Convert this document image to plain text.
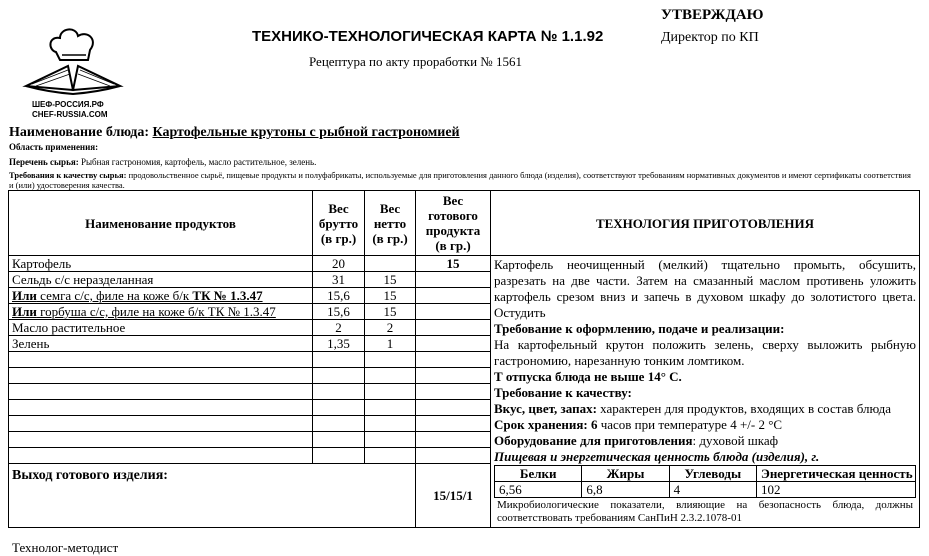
ШЕФ-РОССИЯ.РФ
CHEF-RUSSIA.COM
ТЕХНИКО-ТЕХНОЛОГИЧЕСКАЯ КАРТА № 1.1.92
УТВЕРЖДАЮ
Директор по КП
Рецептура по акту проработки № 1561
Наименование блюда: Картофельные крутоны с рыбной гастрономией
Область применения:
Перечень сырья: Рыбная гастрономия, картофель, масло растительное, зелень.
Требования к качеству сырья: продовольственное сырьё, пищевые продукты и полуфабрикаты, используемые для приготовления данного блюда (изделия), соответствуют требованиям нормативных документов и имеют сертификаты соответствия и (или) удостоверения качества.
Наименование продуктов	Вес брутто (в гр.)	Вес нетто (в гр.)	Вес готового продукта (в гр.)	ТЕХНОЛОГИЯ ПРИГОТОВЛЕНИЯ
Картофель	20		15	Картофель неочищенный (мелкий) тщательно промыть, обсушить, разрезать на две части. Затем на смазанный маслом противень уложить картофель срезом вниз и запечь в духовом шкафу до золотистого цвета. Остудить

Требование к оформлению, подаче и реализации:

На картофельный крутон положить зелень, сверху выложить рыбную гастрономию, нарезанную тонким ломтиком.

Т отпуска блюда не выше 14° С.

Требование к качеству:

Вкус, цвет, запах: характерен для продуктов, входящих в состав блюда

Срок хранения: 6 часов при температуре 4 +/- 2 °С

Оборудование для приготовления: духовой шкаф

Пищевая и энергетическая ценность блюда (изделия), г.

Белки	Жиры	Углеводы	Энергетическая ценность
6,56	6,8	4	102

Микробиологические показатели, влияющие на безопасность блюда, должны соответствовать требованиям СанПиН 2.3.2.1078-01

Сельдь с/с неразделанная	31	15	
Или семга с/с, филе на коже б/к ТК № 1.3.47	15,6	15	
Или горбуша с/с, филе на коже б/к ТК № 1.3.47	15,6	15	
Масло растительное	2	2	
Зелень	1,35	1	

Выход готового изделия:	15/15/1

Технолог-методист
